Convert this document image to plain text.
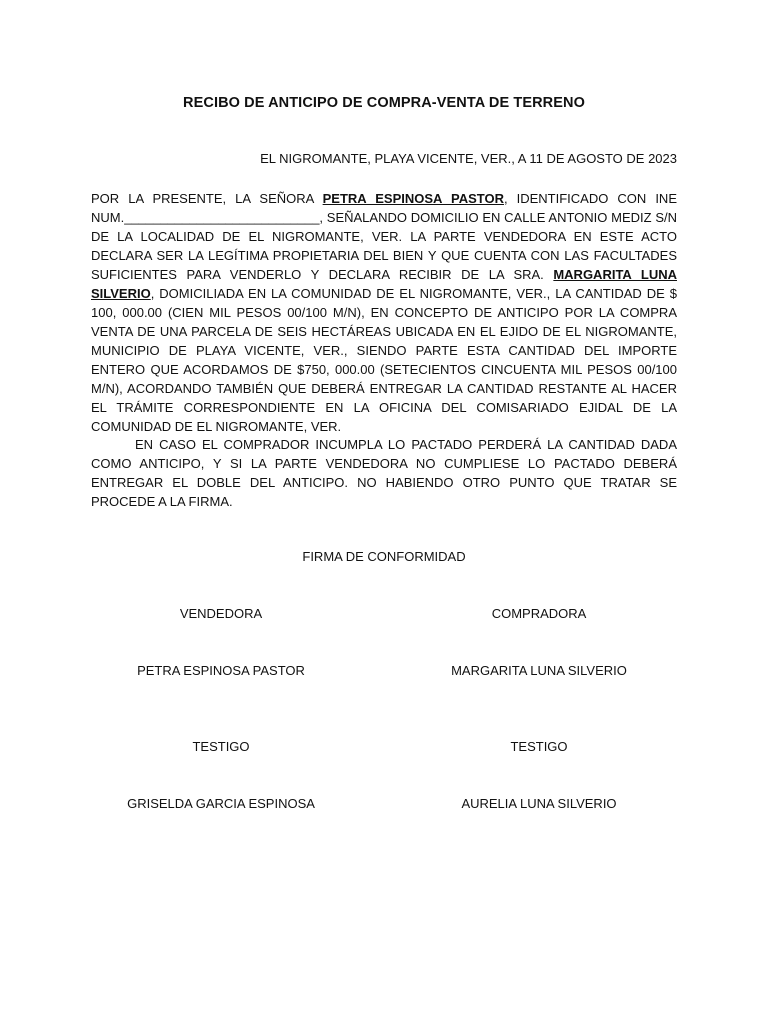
RECIBO DE ANTICIPO DE COMPRA-VENTA DE TERRENO
EL NIGROMANTE, PLAYA VICENTE, VER., A 11 DE AGOSTO DE 2023
POR LA PRESENTE, LA SEÑORA PETRA ESPINOSA PASTOR, IDENTIFICADO CON INE NUM.___________________________, SEÑALANDO DOMICILIO EN CALLE ANTONIO MEDIZ S/N DE LA LOCALIDAD DE EL NIGROMANTE, VER. LA PARTE VENDEDORA EN ESTE ACTO DECLARA SER LA LEGÍTIMA PROPIETARIA DEL BIEN Y QUE CUENTA CON LAS FACULTADES SUFICIENTES PARA VENDERLO Y DECLARA RECIBIR DE LA SRA. MARGARITA LUNA SILVERIO, DOMICILIADA EN LA COMUNIDAD DE EL NIGROMANTE, VER., LA CANTIDAD DE $ 100, 000.00 (CIEN MIL PESOS 00/100 M/N), EN CONCEPTO DE ANTICIPO POR LA COMPRA VENTA DE UNA PARCELA DE SEIS HECTÁREAS UBICADA EN EL EJIDO DE EL NIGROMANTE, MUNICIPIO DE PLAYA VICENTE, VER., SIENDO PARTE ESTA CANTIDAD DEL IMPORTE ENTERO QUE ACORDAMOS DE $750, 000.00 (SETECIENTOS CINCUENTA MIL PESOS 00/100 M/N), ACORDANDO TAMBIÉN QUE DEBERÁ ENTREGAR LA CANTIDAD RESTANTE AL HACER EL TRÁMITE CORRESPONDIENTE EN LA OFICINA DEL COMISARIADO EJIDAL DE LA COMUNIDAD DE EL NIGROMANTE, VER.
EN CASO EL COMPRADOR INCUMPLA LO PACTADO PERDERÁ LA CANTIDAD DADA COMO ANTICIPO, Y SI LA PARTE VENDEDORA NO CUMPLIESE LO PACTADO DEBERÁ ENTREGAR EL DOBLE DEL ANTICIPO. NO HABIENDO OTRO PUNTO QUE TRATAR SE PROCEDE A LA FIRMA.
FIRMA DE CONFORMIDAD
VENDEDORA	COMPRADORA
PETRA ESPINOSA PASTOR	MARGARITA LUNA SILVERIO
TESTIGO	TESTIGO
GRISELDA GARCIA ESPINOSA	AURELIA LUNA SILVERIO
